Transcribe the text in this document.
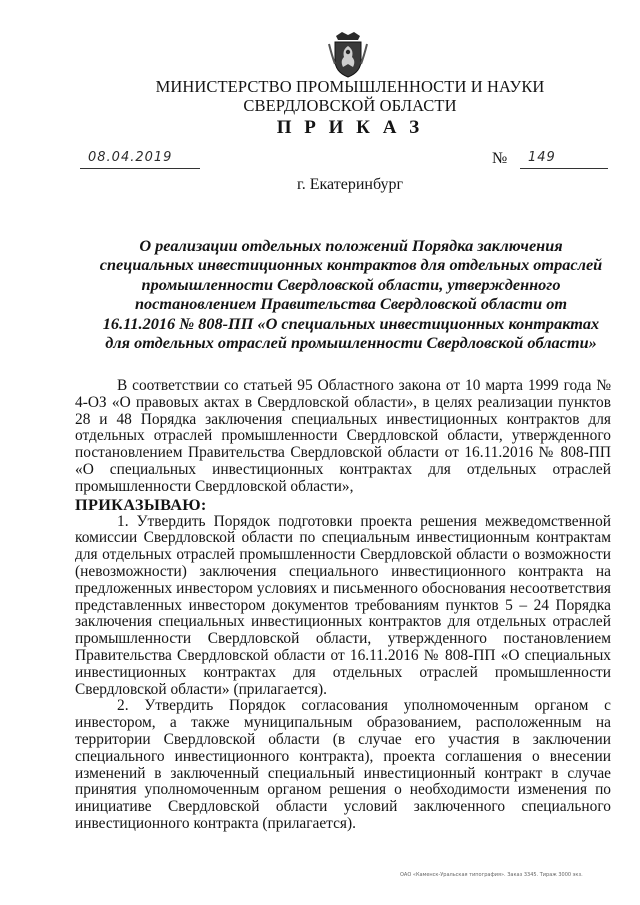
МИНИСТЕРСТВО ПРОМЫШЛЕННОСТИ И НАУКИ
СВЕРДЛОВСКОЙ ОБЛАСТИ
П Р И К А З
08.04.2019	№ 149
г. Екатеринбург
О реализации отдельных положений Порядка заключения специальных инвестиционных контрактов для отдельных отраслей промышленности Свердловской области, утвержденного постановлением Правительства Свердловской области от 16.11.2016 № 808-ПП «О специальных инвестиционных контрактах для отдельных отраслей промышленности Свердловской области»

В соответствии со статьей 95 Областного закона от 10 марта 1999 года № 4-ОЗ «О правовых актах в Свердловской области», в целях реализации пунктов 28 и 48 Порядка заключения специальных инвестиционных контрактов для отдельных отраслей промышленности Свердловской области, утвержденного постановлением Правительства Свердловской области от 16.11.2016 № 808-ПП «О специальных инвестиционных контрактах для отдельных отраслей промышленности Свердловской области»,

ПРИКАЗЫВАЮ:

1. Утвердить Порядок подготовки проекта решения межведомственной комиссии Свердловской области по специальным инвестиционным контрактам для отдельных отраслей промышленности Свердловской области о возможности (невозможности) заключения специального инвестиционного контракта на предложенных инвестором условиях и письменного обоснования несоответствия представленных инвестором документов требованиям пунктов 5 – 24 Порядка заключения специальных инвестиционных контрактов для отдельных отраслей промышленности Свердловской области, утвержденного постановлением Правительства Свердловской области от 16.11.2016 № 808-ПП «О специальных инвестиционных контрактах для отдельных отраслей промышленности Свердловской области» (прилагается).

2. Утвердить Порядок согласования уполномоченным органом с инвестором, а также муниципальным образованием, расположенным на территории Свердловской области (в случае его участия в заключении специального инвестиционного контракта), проекта соглашения о внесении изменений в заключенный специальный инвестиционный контракт в случае принятия уполномоченным органом решения о необходимости изменения по инициативе Свердловской области условий заключенного специального инвестиционного контракта (прилагается).

ОАО «Каменск-Уральская типография». Заказ 3345. Тираж 3000 экз.
